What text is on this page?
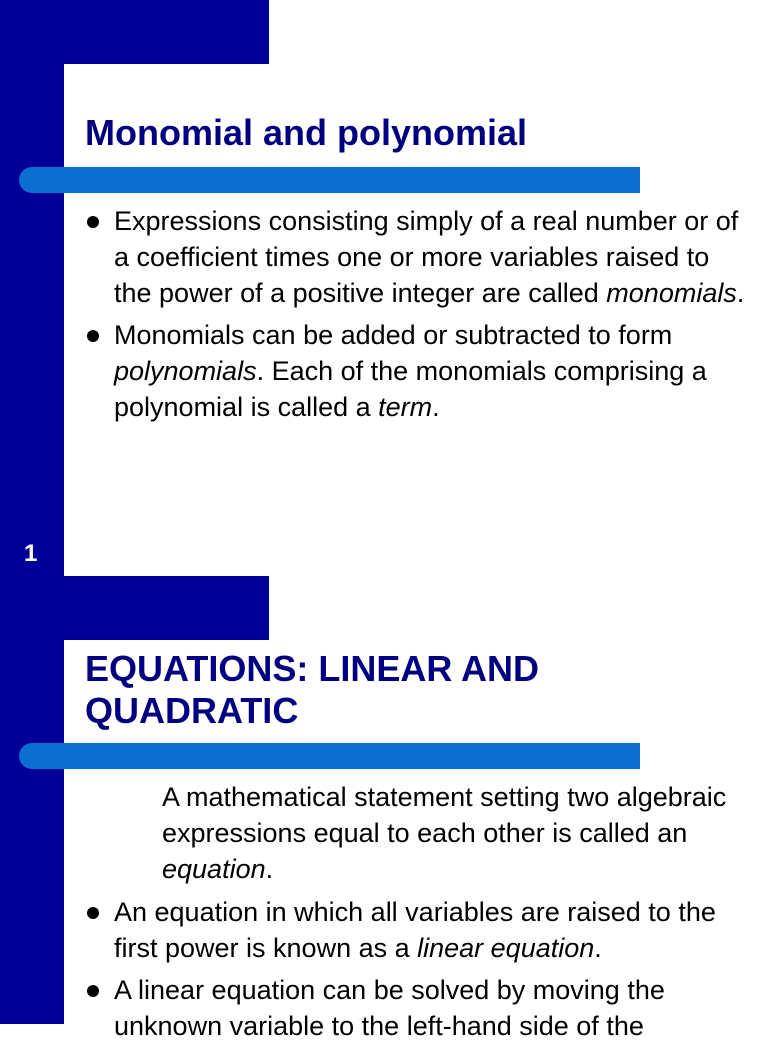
Monomial and polynomial
Expressions consisting simply of a real number or of a coefficient times one or more variables raised to the power of a positive integer are called monomials.
Monomials can be added or subtracted to form polynomials. Each of the monomials comprising a polynomial is called a term.
1
EQUATIONS: LINEAR AND
QUADRATIC

A mathematical statement setting two algebraic expressions equal to each other is called an equation.

An equation in which all variables are raised to the first power is known as a linear equation.
A linear equation can be solved by moving the unknown variable to the left-hand side of the
